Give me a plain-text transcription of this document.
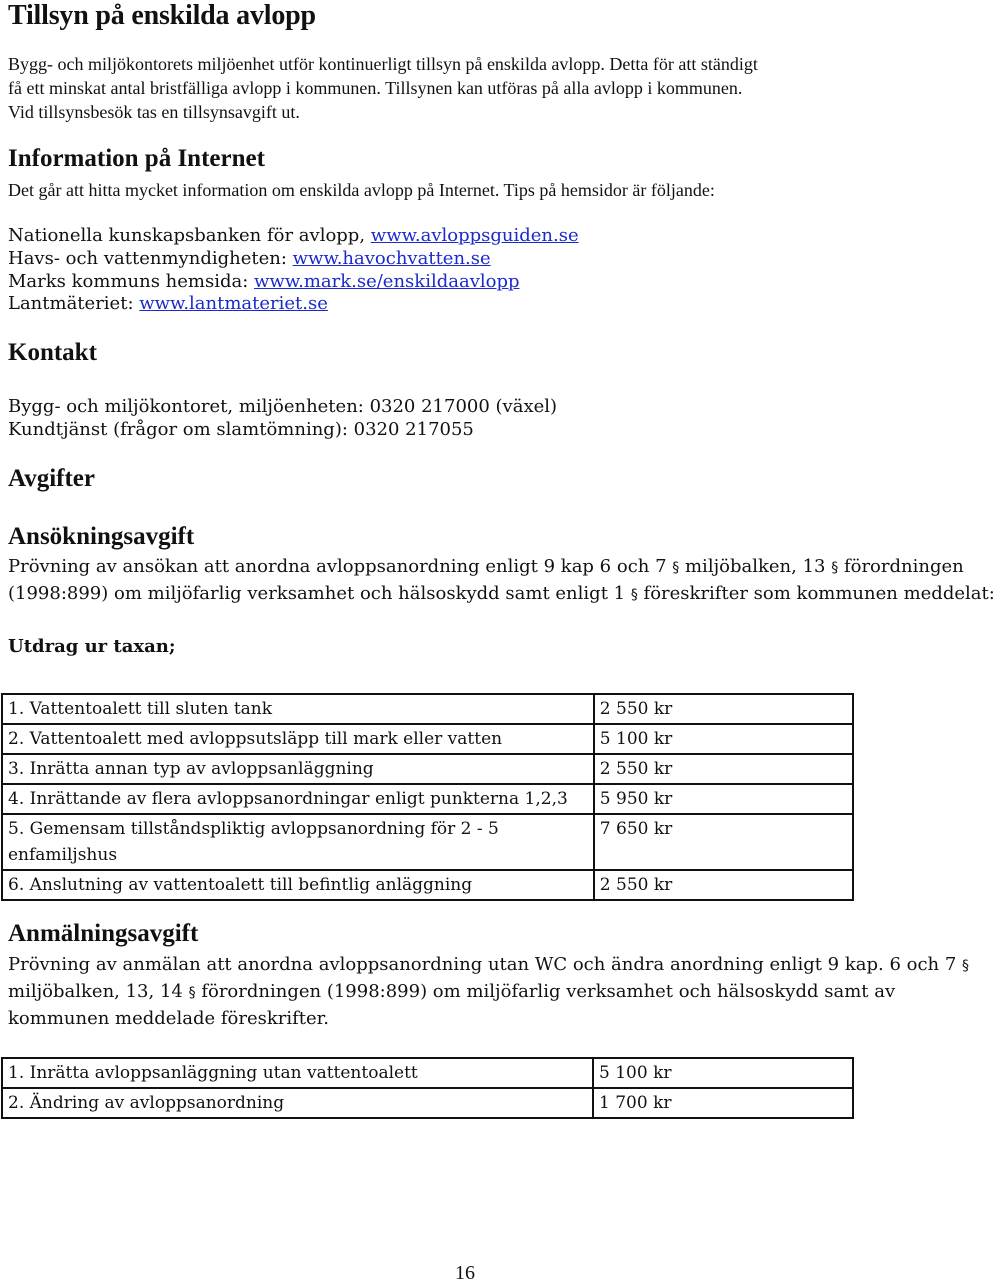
Tillsyn på enskilda avlopp

Bygg- och miljökontorets miljöenhet utför kontinuerligt tillsyn på enskilda avlopp. Detta för att ständigt

få ett minskat antal bristfälliga avlopp i kommunen. Tillsynen kan utföras på alla avlopp i kommunen.

Vid tillsynsbesök tas en tillsynsavgift ut.

Information på Internet

Det går att hitta mycket information om enskilda avlopp på Internet. Tips på hemsidor är följande:

Nationella kunskapsbanken för avlopp, www.avloppsguiden.se
Havs- och vattenmyndigheten: www.havochvatten.se
Marks kommuns hemsida: www.mark.se/enskildaavlopp
Lantmäteriet: www.lantmateriet.se
Kontakt
Bygg- och miljökontoret, miljöenheten: 0320 217000 (växel)
Kundtjänst (frågor om slamtömning): 0320 217055
Avgifter
Ansökningsavgift
Prövning av ansökan att anordna avloppsanordning enligt 9 kap 6 och 7 § miljöbalken, 13 § förordningen
(1998:899) om miljöfarlig verksamhet och hälsoskydd samt enligt 1 § föreskrifter som kommunen meddelat:
Utdrag ur taxan;
1. Vattentoalett till sluten tank	2 550 kr
2. Vattentoalett med avloppsutsläpp till mark eller vatten	5 100 kr
3. Inrätta annan typ av avloppsanläggning	2 550 kr
4. Inrättande av flera avloppsanordningar enligt punkterna 1,2,3	5 950 kr

5. Gemensam tillståndspliktig avloppsanordning för 2 - 5
enfamiljshus	7 650 kr
6. Anslutning av vattentoalett till befintlig anläggning	2 550 kr
Anmälningsavgift
Prövning av anmälan att anordna avloppsanordning utan WC och ändra anordning enligt 9 kap. 6 och 7 §
miljöbalken, 13, 14 § förordningen (1998:899) om miljöfarlig verksamhet och hälsoskydd samt av
kommunen meddelade föreskrifter.
1. Inrätta avloppsanläggning utan vattentoalett	5 100 kr
2. Ändring av avloppsanordning	1 700 kr
16
